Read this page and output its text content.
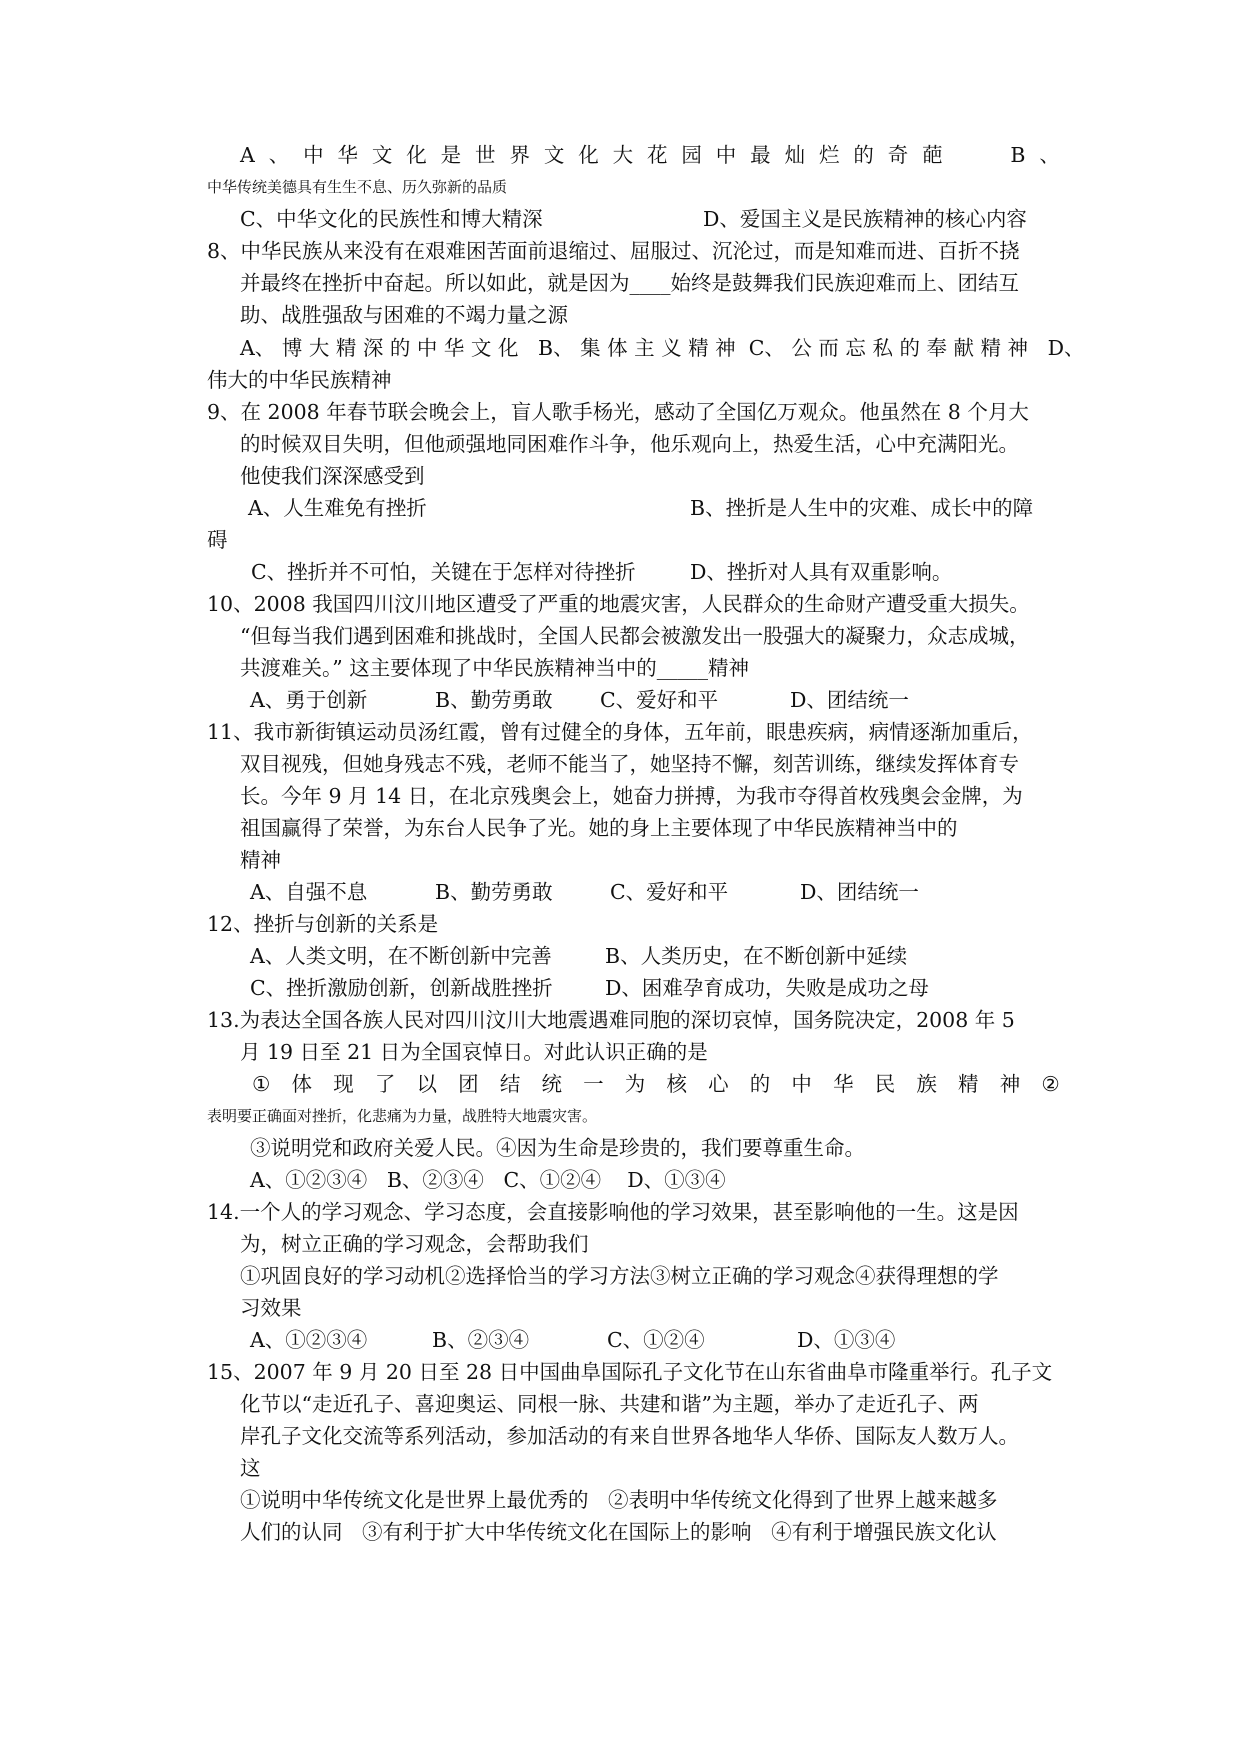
A 、 中 华 文 化 是 世 界 文 化 大 花 园 中 最 灿 烂 的 奇 葩	B 、
中华传统美德具有生生不息、历久弥新的品质
C、中华文化的民族性和博大精深	D、爱国主义是民族精神的核心内容
8、中华民族从来没有在艰难困苦面前退缩过、屈服过、沉沦过，而是知难而进、百折不挠
并最终在挫折中奋起。所以如此，就是因为____始终是鼓舞我们民族迎难而上、团结互
助、战胜强敌与困难的不竭力量之源
A、 博 大 精 深 的 中 华 文 化   B、 集 体 主 义 精 神  C、 公 而 忘 私 的 奉 献 精 神   D、
伟大的中华民族精神
9、在 2008 年春节联会晚会上，盲人歌手杨光，感动了全国亿万观众。他虽然在 8 个月大
的时候双目失明，但他顽强地同困难作斗争，他乐观向上，热爱生活，心中充满阳光。
他使我们深深感受到
A、人生难免有挫折	B、挫折是人生中的灾难、成长中的障
碍
C、挫折并不可怕，关键在于怎样对待挫折	D、挫折对人具有双重影响。
10、2008 我国四川汶川地区遭受了严重的地震灾害，人民群众的生命财产遭受重大损失。
“但每当我们遇到困难和挑战时，全国人民都会被激发出一股强大的凝聚力，众志成城，
共渡难关。” 这主要体现了中华民族精神当中的_____精神
A、勇于创新	B、勤劳勇敢 C、爱好和平	D、团结统一
11、我市新街镇运动员汤红霞，曾有过健全的身体，五年前，眼患疾病，病情逐渐加重后，
双目视残，但她身残志不残，老师不能当了，她坚持不懈，刻苦训练，继续发挥体育专
长。今年 9 月 14 日，在北京残奥会上，她奋力拼搏，为我市夺得首枚残奥会金牌，为
祖国赢得了荣誉，为东台人民争了光。她的身上主要体现了中华民族精神当中的
精神
A、自强不息	B、勤劳勇敢	C、爱好和平	D、团结统一
12、挫折与创新的关系是
A、人类文明，在不断创新中完善	B、人类历史，在不断创新中延续
C、挫折激励创新，创新战胜挫折	D、困难孕育成功，失败是成功之母
13.为表达全国各族人民对四川汶川大地震遇难同胞的深切哀悼，国务院决定，2008 年 5
月 19 日至 21 日为全国哀悼日。对此认识正确的是
① 体 现 了 以 团 结 统 一 为 核 心 的 中 华 民 族 精 神 ②
表明要正确面对挫折，化悲痛为力量，战胜特大地震灾害。
③说明党和政府关爱人民。④因为生命是珍贵的，我们要尊重生命。
A、①②③④   B、②③④   C、①②④    D、①③④
14.一个人的学习观念、学习态度，会直接影响他的学习效果，甚至影响他的一生。这是因
为，树立正确的学习观念，会帮助我们
①巩固良好的学习动机②选择恰当的学习方法③树立正确的学习观念④获得理想的学
习效果
A、①②③④	B、②③④	C、①②④	D、①③④
15、2007 年 9 月 20 日至 28 日中国曲阜国际孔子文化节在山东省曲阜市隆重举行。孔子文
化节以“走近孔子、喜迎奥运、同根一脉、共建和谐”为主题，举办了走近孔子、两
岸孔子文化交流等系列活动，参加活动的有来自世界各地华人华侨、国际友人数万人。
这
①说明中华传统文化是世界上最优秀的   ②表明中华传统文化得到了世界上越来越多
人们的认同   ③有利于扩大中华传统文化在国际上的影响   ④有利于增强民族文化认
